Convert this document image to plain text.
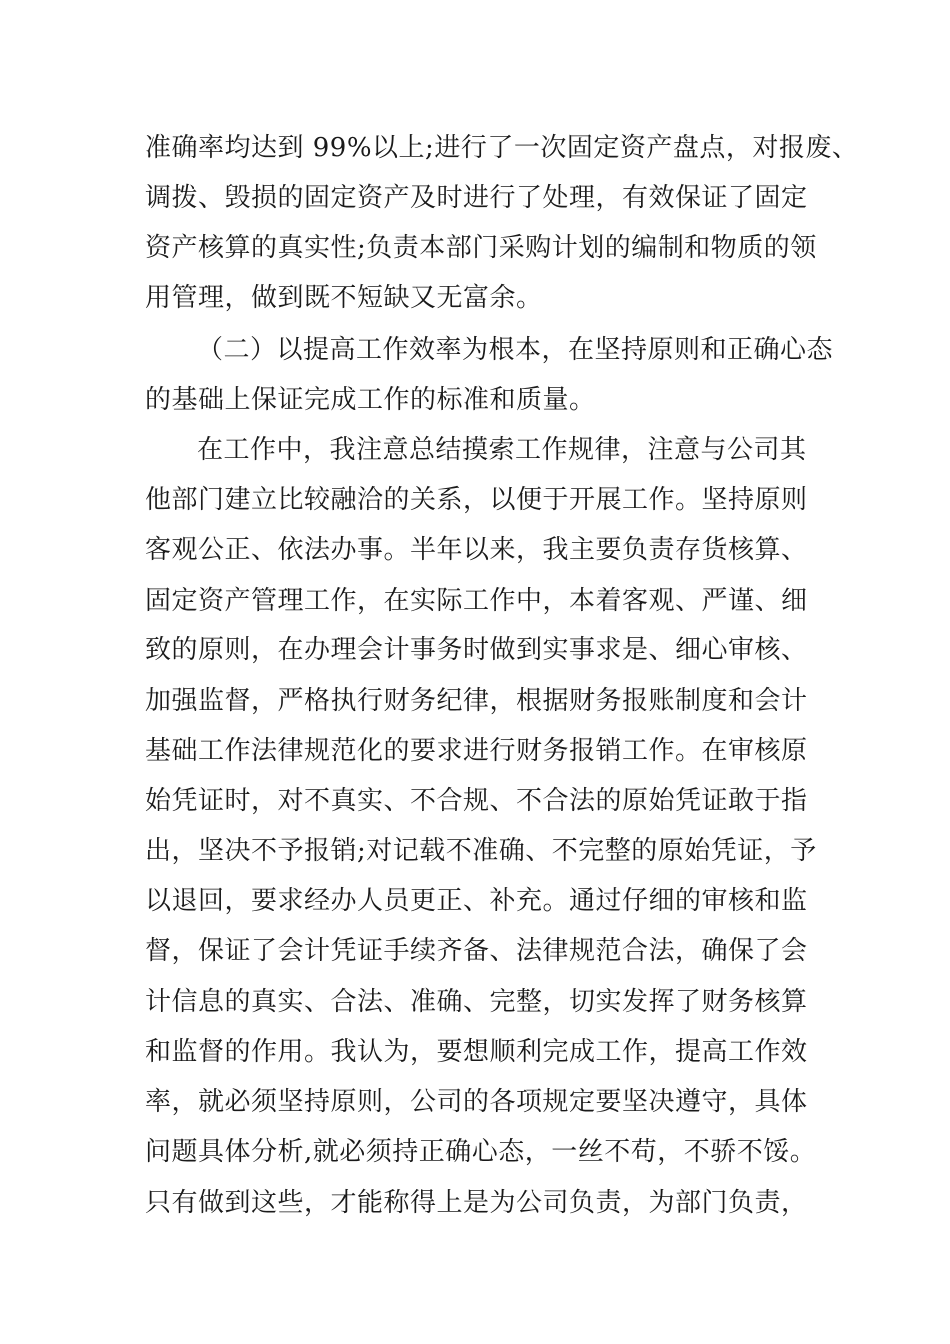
准确率均达到 99%以上;进行了一次固定资产盘点，对报废、
调拨、毁损的固定资产及时进行了处理，有效保证了固定
资产核算的真实性;负责本部门采购计划的编制和物质的领
用管理，做到既不短缺又无富余。
（二）以提高工作效率为根本，在坚持原则和正确心态
的基础上保证完成工作的标准和质量。
在工作中，我注意总结摸索工作规律，注意与公司其
他部门建立比较融洽的关系，以便于开展工作。坚持原则
客观公正、依法办事。半年以来，我主要负责存货核算、
固定资产管理工作，在实际工作中，本着客观、严谨、细
致的原则，在办理会计事务时做到实事求是、细心审核、
加强监督，严格执行财务纪律，根据财务报账制度和会计
基础工作法律规范化的要求进行财务报销工作。在审核原
始凭证时，对不真实、不合规、不合法的原始凭证敢于指
出，坚决不予报销;对记载不准确、不完整的原始凭证，予
以退回，要求经办人员更正、补充。通过仔细的审核和监
督，保证了会计凭证手续齐备、法律规范合法，确保了会
计信息的真实、合法、准确、完整，切实发挥了财务核算
和监督的作用。我认为，要想顺利完成工作，提高工作效
率，就必须坚持原则，公司的各项规定要坚决遵守，具体
问题具体分析,就必须持正确心态，一丝不苟，不骄不馁。
只有做到这些，才能称得上是为公司负责，为部门负责，
